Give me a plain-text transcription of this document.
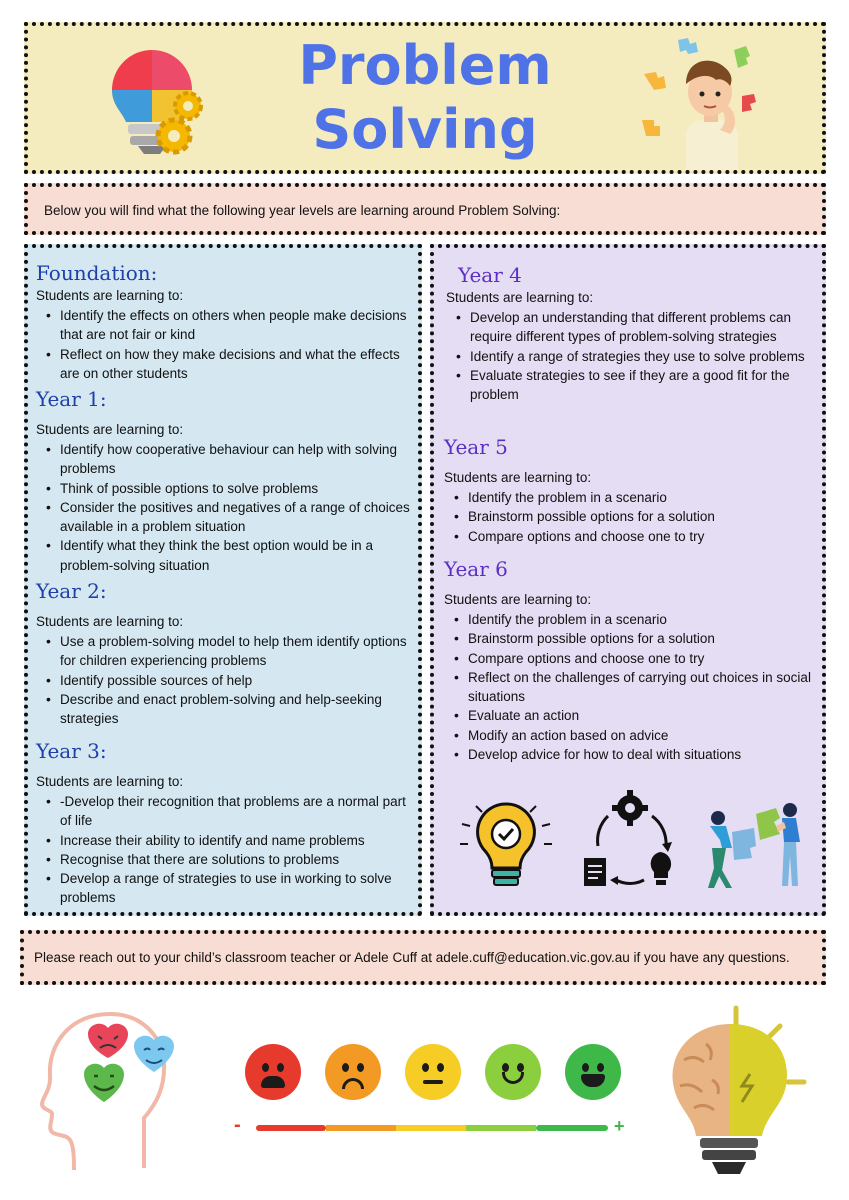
Problem
Solving

Below you will find what the following year levels are learning around Problem Solving:

Foundation:
Students are learning to:
• Identify the effects on others when people make decisions that are not fair or kind
• Reflect on how they make decisions and what the effects are on other students
Year 1:
Students are learning to:
• Identify how cooperative behaviour can help with solving problems
• Think of possible options to solve problems
• Consider the positives and negatives of a range of choices available in a problem situation
• Identify what they think the best option would be in a problem-solving situation
Year 2:
Students are learning to:
• Use a problem-solving model to help them identify options for children experiencing problems
• Identify possible sources of help
• Describe and enact problem-solving and help-seeking strategies
Year 3:
Students are learning to:
• -Develop their recognition that problems are a normal part of life
• Increase their ability to identify and name problems
• Recognise that there are solutions to problems
• Develop a range of strategies to use in working to solve problems
Year 4
Students are learning to:
• Develop an understanding that different problems can require different types of problem-solving strategies
• Identify a range of strategies they use to solve problems
• Evaluate strategies to see if they are a good fit for the problem
Year 5
Students are learning to:
• Identify the problem in a scenario
• Brainstorm possible options for a solution
• Compare options and choose one to try
Year 6
Students are learning to:
• Identify the problem in a scenario
• Brainstorm possible options for a solution
• Compare options and choose one to try
• Reflect on the challenges of carrying out choices in social situations
• Evaluate an action
• Modify an action based on advice
• Develop advice for how to deal with situations

Please reach out to your child’s classroom teacher or Adele Cuff at adele.cuff@education.vic.gov.au if you have any questions.

-	+
